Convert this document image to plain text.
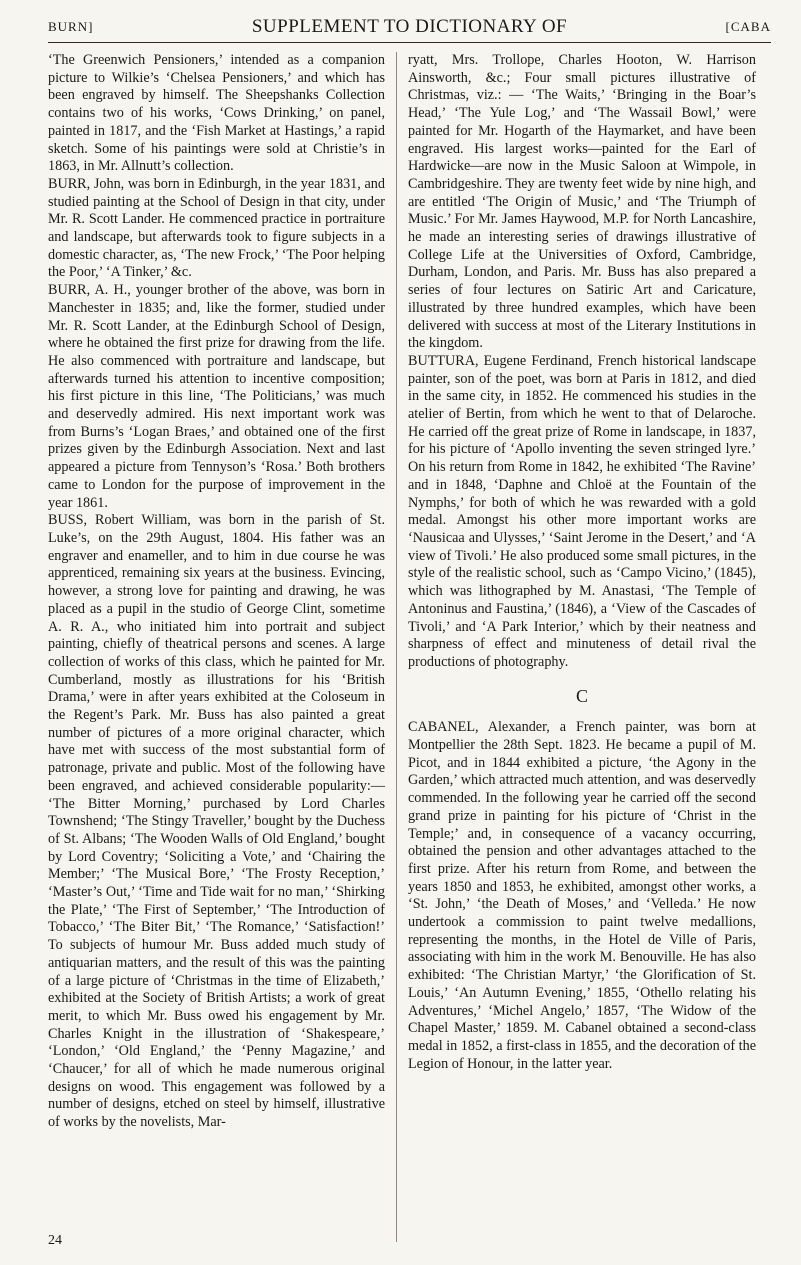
BURN]	SUPPLEMENT TO DICTIONARY OF	[CABA

‘The Greenwich Pensioners,’ intended as a companion picture to Wilkie’s ‘Chelsea Pensioners,’ and which has been engraved by himself. The Sheepshanks Collection contains two of his works, ‘Cows Drinking,’ on panel, painted in 1817, and the ‘Fish Market at Hastings,’ a rapid sketch. Some of his paintings were sold at Christie’s in 1863, in Mr. Allnutt’s collection.

BURR, John, was born in Edinburgh, in the year 1831, and studied painting at the School of Design in that city, under Mr. R. Scott Lander. He commenced practice in portraiture and landscape, but afterwards took to figure subjects in a domestic character, as, ‘The new Frock,’ ‘The Poor helping the Poor,’ ‘A Tinker,’ &c.

BURR, A. H., younger brother of the above, was born in Manchester in 1835; and, like the former, studied under Mr. R. Scott Lander, at the Edinburgh School of Design, where he obtained the first prize for drawing from the life. He also commenced with portraiture and landscape, but afterwards turned his attention to incentive composition; his first picture in this line, ‘The Politicians,’ was much and deservedly admired. His next important work was from Burns’s ‘Logan Braes,’ and obtained one of the first prizes given by the Edinburgh Association. Next and last appeared a picture from Tennyson’s ‘Rosa.’ Both brothers came to London for the purpose of improvement in the year 1861.

BUSS, Robert William, was born in the parish of St. Luke’s, on the 29th August, 1804. His father was an engraver and enameller, and to him in due course he was apprenticed, remaining six years at the business. Evincing, however, a strong love for painting and drawing, he was placed as a pupil in the studio of George Clint, sometime A. R. A., who initiated him into portrait and subject painting, chiefly of theatrical persons and scenes. A large collection of works of this class, which he painted for Mr. Cumberland, mostly as illustrations for his ‘British Drama,’ were in after years exhibited at the Coloseum in the Regent’s Park. Mr. Buss has also painted a great number of pictures of a more original character, which have met with success of the most substantial form of patronage, private and public. Most of the following have been engraved, and achieved considerable popularity:— ‘The Bitter Morning,’ purchased by Lord Charles Townshend; ‘The Stingy Traveller,’ bought by the Duchess of St. Albans; ‘The Wooden Walls of Old England,’ bought by Lord Coventry; ‘Soliciting a Vote,’ and ‘Chairing the Member;’ ‘The Musical Bore,’ ‘The Frosty Reception,’ ‘Master’s Out,’ ‘Time and Tide wait for no man,’ ‘Shirking the Plate,’ ‘The First of September,’ ‘The Introduction of Tobacco,’ ‘The Biter Bit,’ ‘The Romance,’ ‘Satisfaction!’ To subjects of humour Mr. Buss added much study of antiquarian matters, and the result of this was the painting of a large picture of ‘Christmas in the time of Elizabeth,’ exhibited at the Society of British Artists; a work of great merit, to which Mr. Buss owed his engagement by Mr. Charles Knight in the illustration of ‘Shakespeare,’ ‘London,’ ‘Old England,’ the ‘Penny Magazine,’ and ‘Chaucer,’ for all of which he made numerous original designs on wood. This engagement was followed by a number of designs, etched on steel by himself, illustrative of works by the novelists, Mar-

ryatt, Mrs. Trollope, Charles Hooton, W. Harrison Ainsworth, &c.; Four small pictures illustrative of Christmas, viz.: — ‘The Waits,’ ‘Bringing in the Boar’s Head,’ ‘The Yule Log,’ and ‘The Wassail Bowl,’ were painted for Mr. Hogarth of the Haymarket, and have been engraved. His largest works—painted for the Earl of Hardwicke—are now in the Music Saloon at Wimpole, in Cambridgeshire. They are twenty feet wide by nine high, and are entitled ‘The Origin of Music,’ and ‘The Triumph of Music.’ For Mr. James Haywood, M.P. for North Lancashire, he made an interesting series of drawings illustrative of College Life at the Universities of Oxford, Cambridge, Durham, London, and Paris. Mr. Buss has also prepared a series of four lectures on Satiric Art and Caricature, illustrated by three hundred examples, which have been delivered with success at most of the Literary Institutions in the kingdom.

BUTTURA, Eugene Ferdinand, French historical landscape painter, son of the poet, was born at Paris in 1812, and died in the same city, in 1852. He commenced his studies in the atelier of Bertin, from which he went to that of Delaroche. He carried off the great prize of Rome in landscape, in 1837, for his picture of ‘Apollo inventing the seven stringed lyre.’ On his return from Rome in 1842, he exhibited ‘The Ravine’ and in 1848, ‘Daphne and Chloë at the Fountain of the Nymphs,’ for both of which he was rewarded with a gold medal. Amongst his other more important works are ‘Nausicaa and Ulysses,’ ‘Saint Jerome in the Desert,’ and ‘A view of Tivoli.’ He also produced some small pictures, in the style of the realistic school, such as ‘Campo Vicino,’ (1845), which was lithographed by M. Anastasi, ‘The Temple of Antoninus and Faustina,’ (1846), a ‘View of the Cascades of Tivoli,’ and ‘A Park Interior,’ which by their neatness and sharpness of effect and minuteness of detail rival the productions of photography.

C

CABANEL, Alexander, a French painter, was born at Montpellier the 28th Sept. 1823. He became a pupil of M. Picot, and in 1844 exhibited a picture, ‘the Agony in the Garden,’ which attracted much attention, and was deservedly commended. In the following year he carried off the second grand prize in painting for his picture of ‘Christ in the Temple;’ and, in consequence of a vacancy occurring, obtained the pension and other advantages attached to the first prize. After his return from Rome, and between the years 1850 and 1853, he exhibited, amongst other works, a ‘St. John,’ ‘the Death of Moses,’ and ‘Velleda.’ He now undertook a commission to paint twelve medallions, representing the months, in the Hotel de Ville of Paris, associating with him in the work M. Benouville. He has also exhibited: ‘The Christian Martyr,’ ‘the Glorification of St. Louis,’ ‘An Autumn Evening,’ 1855, ‘Othello relating his Adventures,’ ‘Michel Angelo,’ 1857, ‘The Widow of the Chapel Master,’ 1859. M. Cabanel obtained a second-class medal in 1852, a first-class in 1855, and the decoration of the Legion of Honour, in the latter year.

24
